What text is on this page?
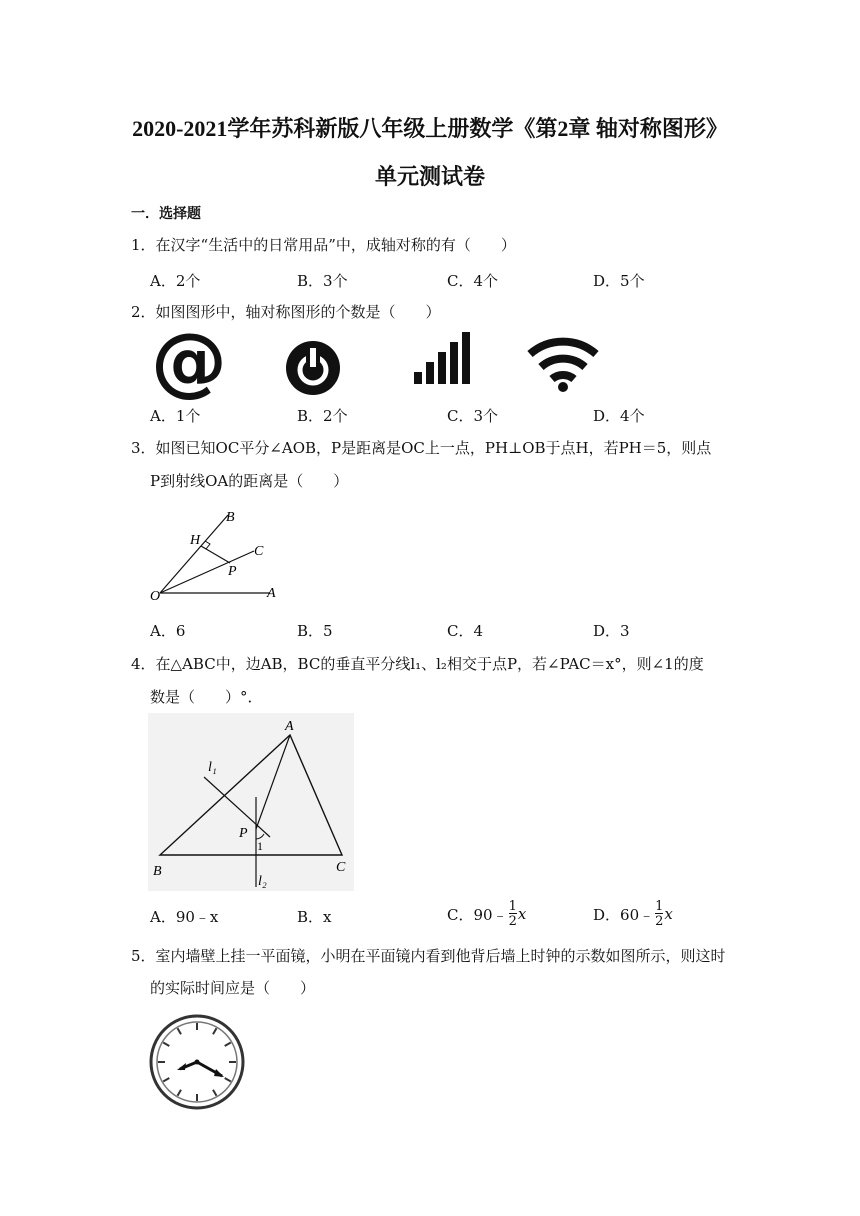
2020-2021学年苏科新版八年级上册数学《第2章 轴对称图形》
单元测试卷
一．选择题
1．在汉字“生活中的日常用品”中，成轴对称的有（　　）
A．2个	B．3个	C．4个	D．5个
2．如图图形中，轴对称图形的个数是（　　）
@
A．1个	B．2个	C．3个	D．4个
3．如图已知OC平分∠AOB，P是距离是OC上一点，PH⊥OB于点H，若PH＝5，则点
P到射线OA的距离是（　　）
B
H
C
P
O	A
A．6	B．5	C．4	D．3
4．在△ABC中，边AB，BC的垂直平分线l₁、l₂相交于点P，若∠PAC＝x°，则∠1的度
数是（　　）°．
A
l₁
P
1
B	C
l₂
A．90﹣x	B．x	C．90﹣ $\frac{1}{2}$ x	D．60﹣ $\frac{1}{2}$ x
5．室内墙壁上挂一平面镜，小明在平面镜内看到他背后墙上时钟的示数如图所示，则这时
的实际时间应是（　　）
